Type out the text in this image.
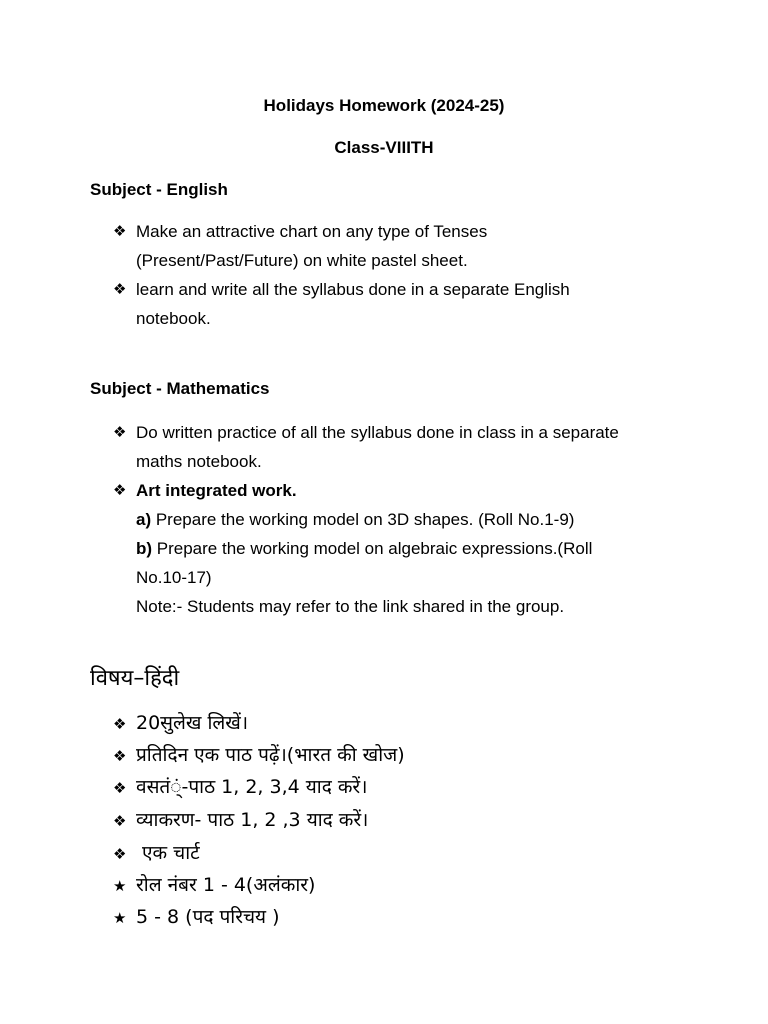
Holidays Homework (2024-25)
Class-VIIITH
Subject - English
❖ Make an attractive chart on any type of Tenses
(Present/Past/Future) on white pastel sheet.
❖ learn and write all the syllabus done in a separate English
notebook.
Subject - Mathematics
❖ Do written practice of all the syllabus done in class in a separate
maths notebook.
❖ Art integrated work.
a) Prepare the working model on 3D shapes. (Roll No.1-9)
b) Prepare the working model on algebraic expressions.(Roll
No.10-17)
Note:- Students may refer to the link shared in the group.
विषय–हिंदी
❖ 20सुलेख लिखें।
❖ प्रतिदिन एक पाठ पढ़ें।(भारत की खोज)
❖ वसतं्ं-पाठ 1, 2, 3,4 याद करें।
❖ व्याकरण- पाठ 1, 2 ,3 याद करें।
❖ एक चार्ट
★ रोल नंबर 1 - 4(अलंकार)
★ 5 - 8 (पद परिचय )
